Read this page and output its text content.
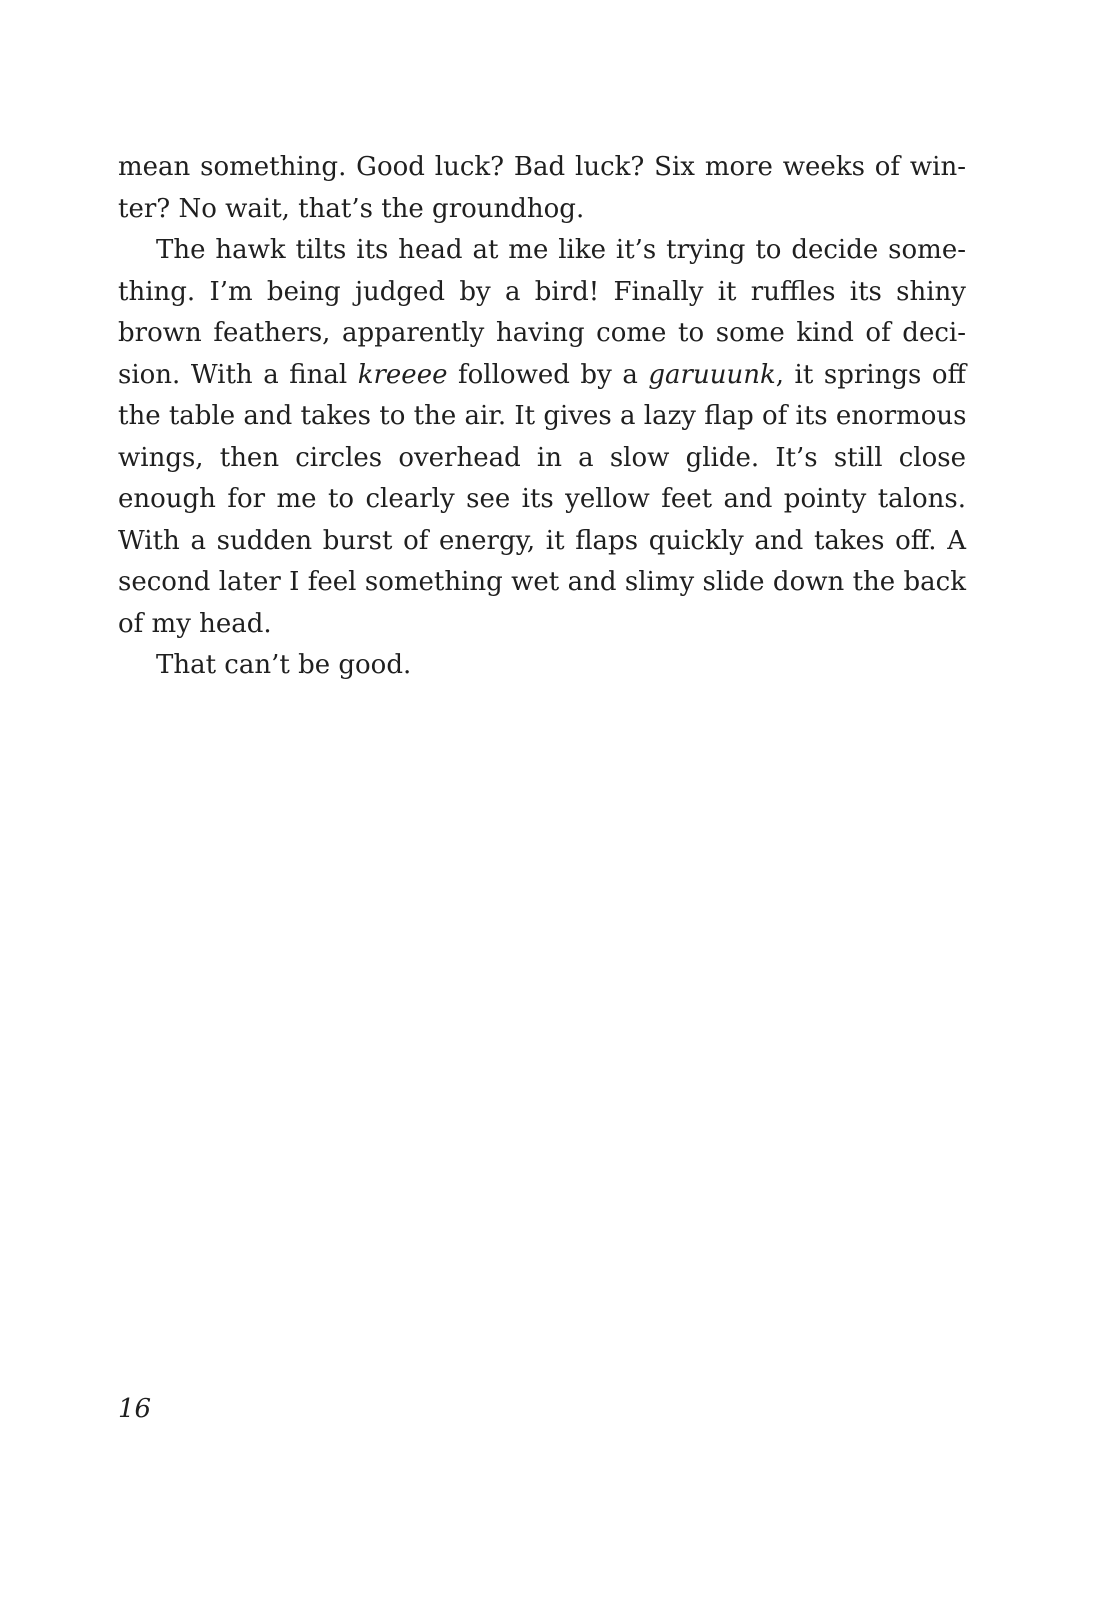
mean something. Good luck? Bad luck? Six more weeks of win-
ter? No wait, that’s the groundhog.
The hawk tilts its head at me like it’s trying to decide some-
thing. I’m being judged by a bird! Finally it ruffles its shiny
brown feathers, apparently having come to some kind of deci-
sion. With a final kreeee followed by a garuuunk, it springs off
the table and takes to the air. It gives a lazy flap of its enormous
wings, then circles overhead in a slow glide. It’s still close
enough for me to clearly see its yellow feet and pointy talons.
With a sudden burst of energy, it flaps quickly and takes off. A
second later I feel something wet and slimy slide down the back
of my head.
That can’t be good.
16
